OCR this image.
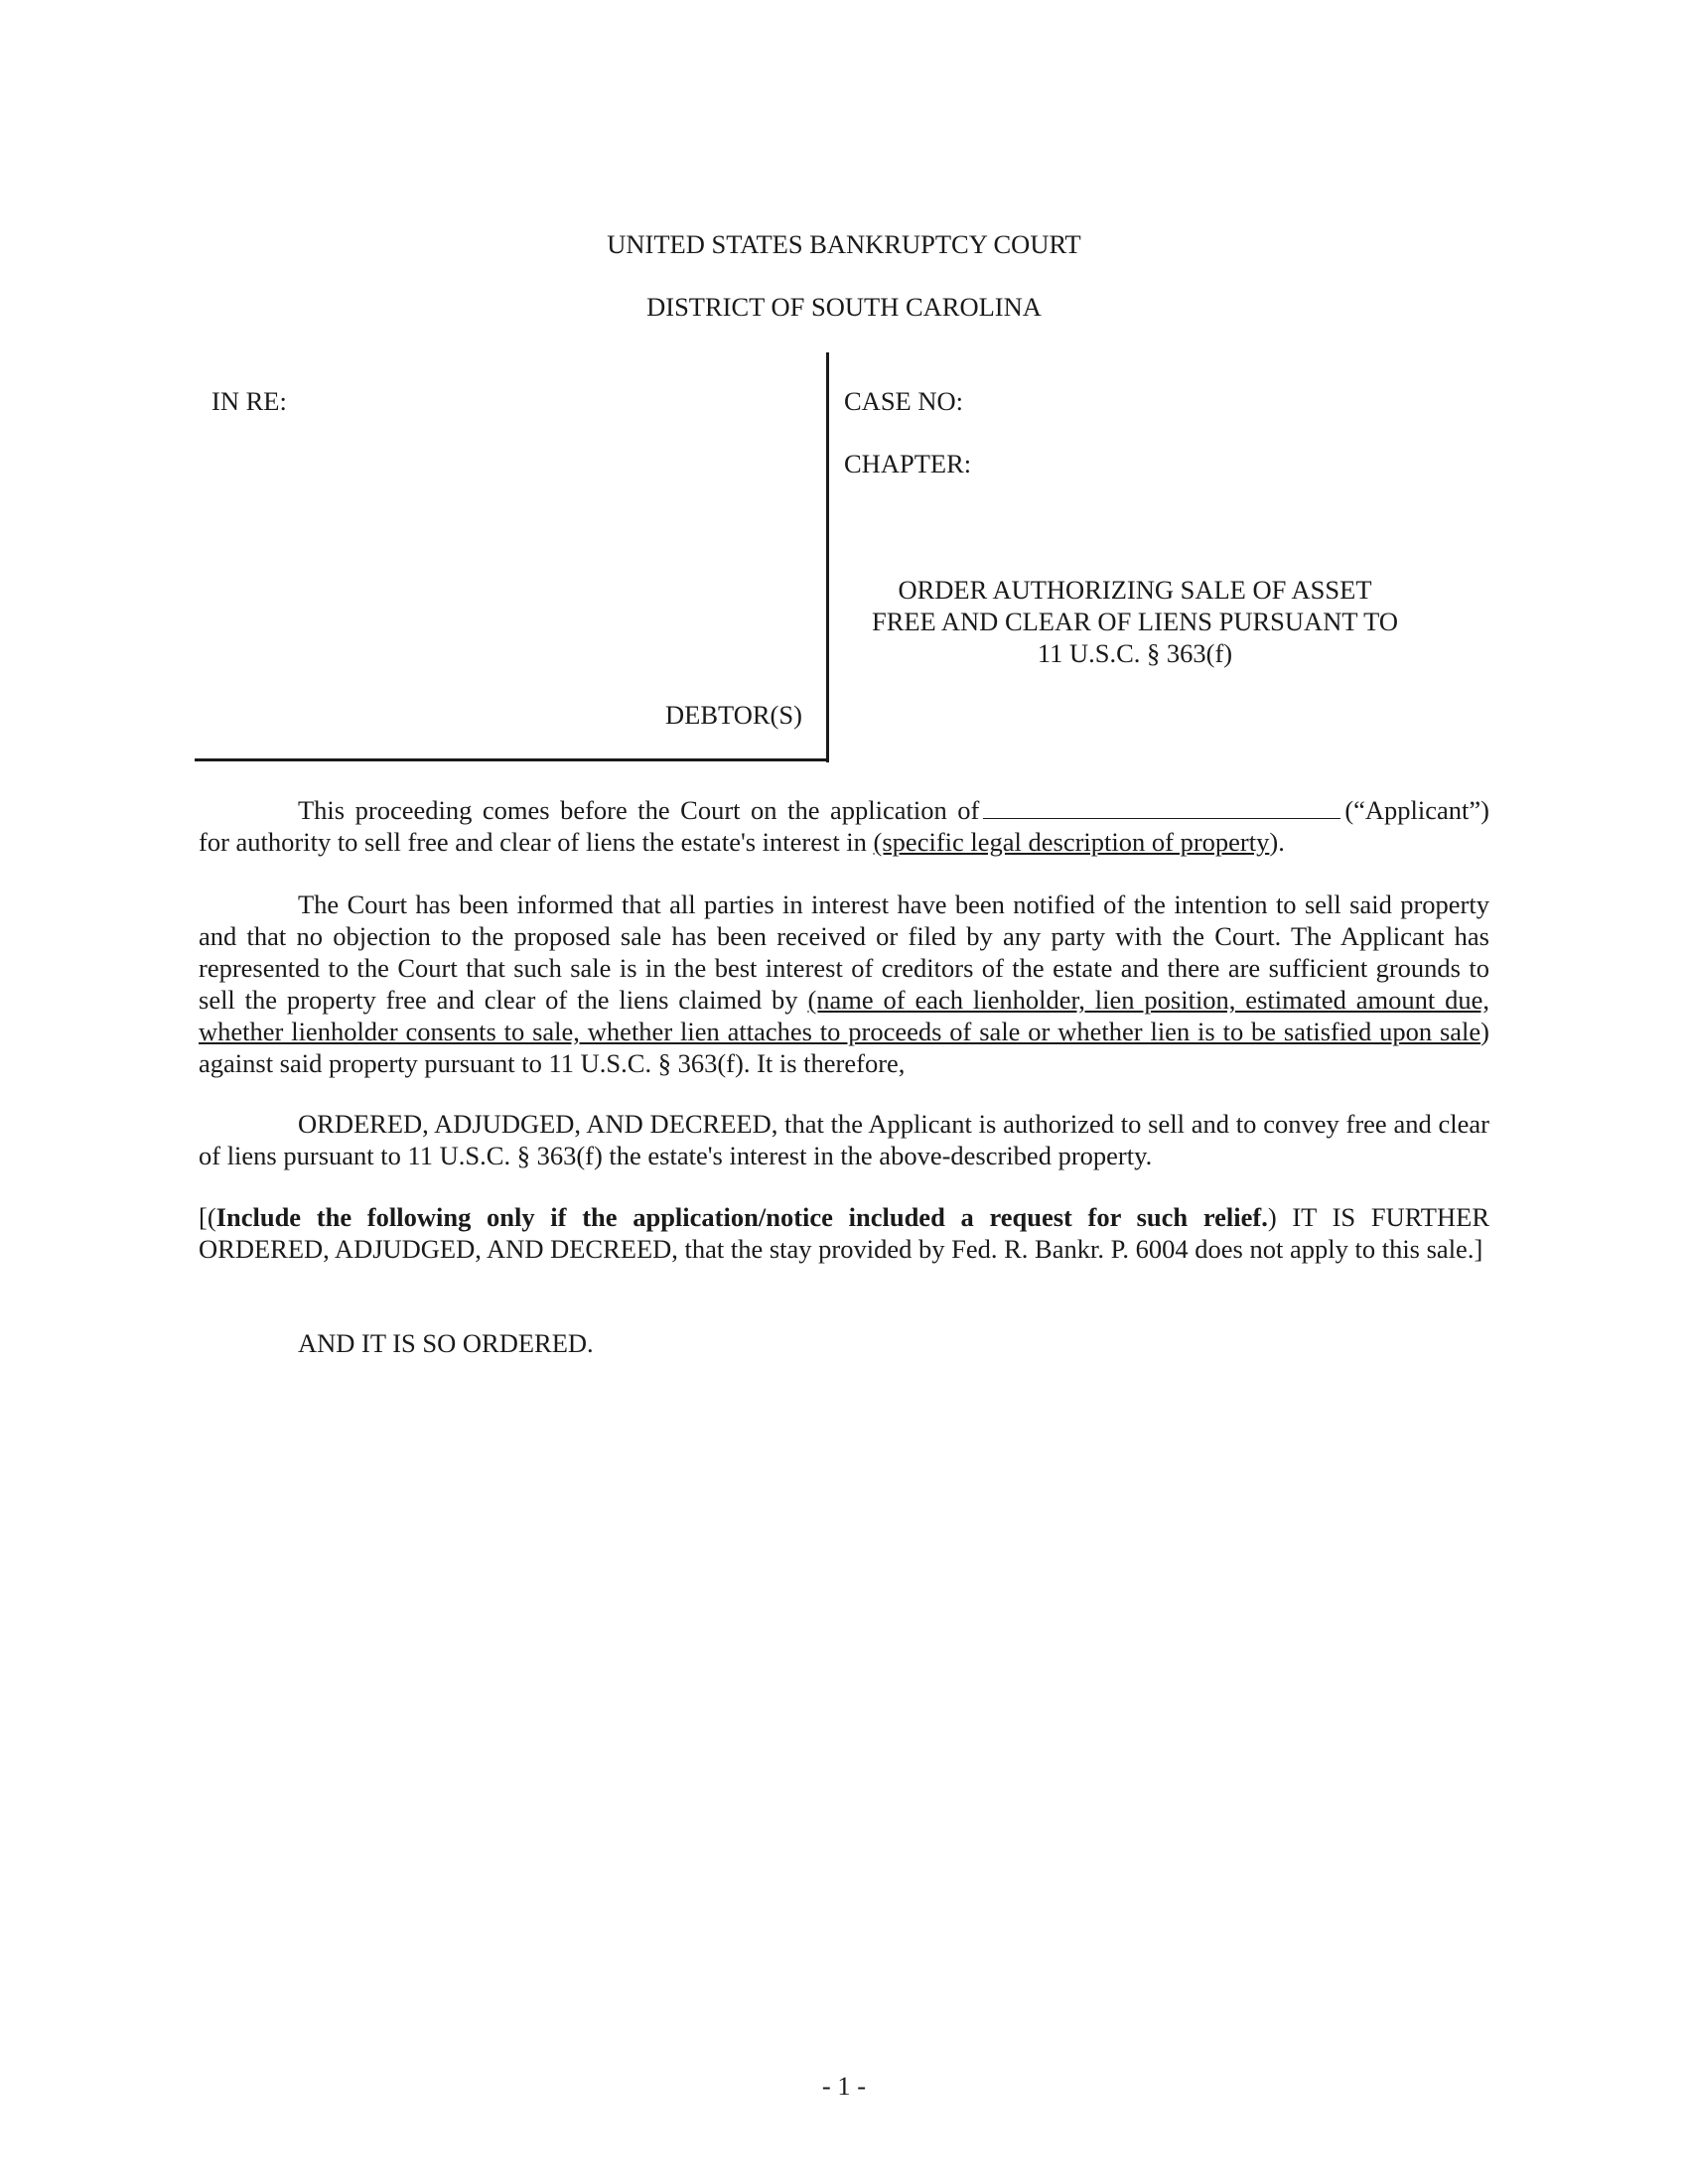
UNITED STATES BANKRUPTCY COURT
DISTRICT OF SOUTH CAROLINA
IN RE:
DEBTOR(S)
CASE NO:
CHAPTER:
ORDER AUTHORIZING SALE OF ASSET
FREE AND CLEAR OF LIENS PURSUANT TO
11 U.S.C. § 363(f)
This proceeding comes before the Court on the application of	(“Applicant”) for authority to sell free and clear of liens the estate's interest in (specific legal description of property).
The Court has been informed that all parties in interest have been notified of the intention to sell said property and that no objection to the proposed sale has been received or filed by any party with the Court. The Applicant has represented to the Court that such sale is in the best interest of creditors of the estate and there are sufficient grounds to sell the property free and clear of the liens claimed by (name of each lienholder, lien position, estimated amount due, whether lienholder consents to sale, whether lien attaches to proceeds of sale or whether lien is to be satisfied upon sale) against said property pursuant to 11 U.S.C. § 363(f). It is therefore,
ORDERED, ADJUDGED, AND DECREED, that the Applicant is authorized to sell and to convey free and clear of liens pursuant to 11 U.S.C. § 363(f) the estate's interest in the above-described property.
[(Include the following only if the application/notice included a request for such relief.) IT IS FURTHER ORDERED, ADJUDGED, AND DECREED, that the stay provided by Fed. R. Bankr. P. 6004 does not apply to this sale.]
AND IT IS SO ORDERED.
- 1 -
